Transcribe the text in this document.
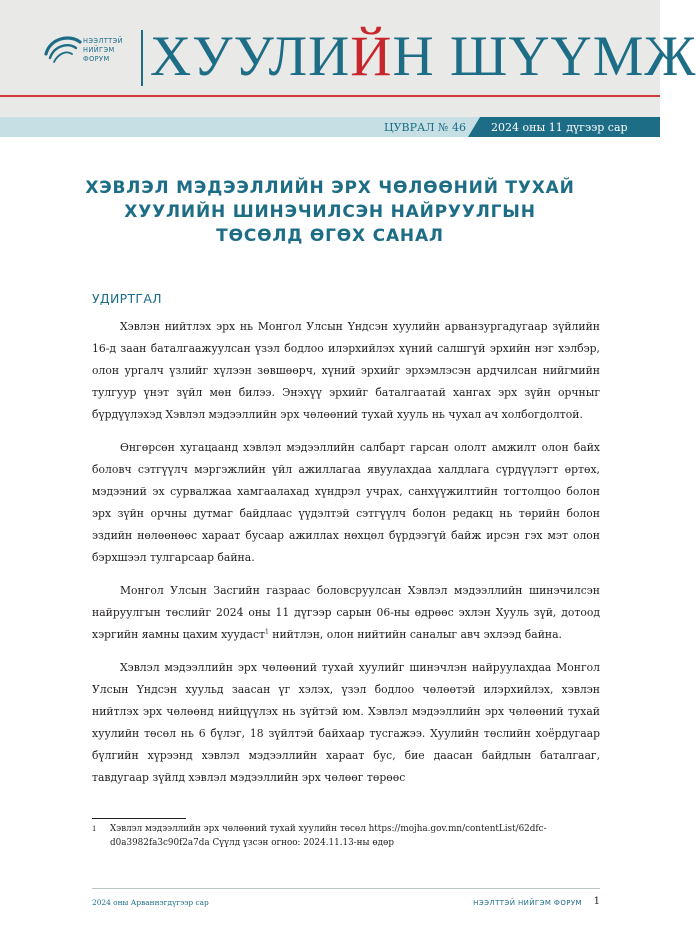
НЭЭЛТТЭЙ
НИЙГЭМ
ФОРУМ ХУУЛИЙН ШҮҮМЖ
ЦУВРАЛ № 46 2024 оны 11 дүгээр сар
ХЭВЛЭЛ МЭДЭЭЛЛИЙН ЭРХ ЧӨЛӨӨНИЙ ТУХАЙ
ХУУЛИЙН ШИНЭЧИЛСЭН НАЙРУУЛГЫН
ТӨСӨЛД ӨГӨХ САНАЛ
УДИРТГАЛ

Хэвлэн нийтлэх эрх нь Монгол Улсын Үндсэн хуулийн арванзургадугаар зүйлийн 16-д заан баталгаажуулсан үзэл бодлоо илэрхийлэх хүний салшгүй эрхийн нэг хэлбэр, олон ургалч үзлийг хүлээн зөвшөөрч, хүний эрхийг эрхэмлэсэн ардчилсан нийгмийн тулгуур үнэт зүйл мөн билээ. Энэхүү эрхийг баталгаатай хангах эрх зүйн орчныг бүрдүүлэхэд Хэвлэл мэдээллийн эрх чөлөөний тухай хууль нь чухал ач холбогдолтой.

Өнгөрсөн хугацаанд хэвлэл мэдээллийн салбарт гарсан ололт амжилт олон байх боловч сэтгүүлч мэргэжлийн үйл ажиллагаа явуулахдаа халдлага сүрдүүлэгт өртөх, мэдээний эх сурвалжаа хамгаалахад хүндрэл учрах, санхүүжилтийн тогтолцоо болон эрх зүйн орчны дутмаг байдлаас үүдэлтэй сэтгүүлч болон редакц нь төрийн болон эздийн нөлөөнөөс хараат бусаар ажиллах нөхцөл бүрдээгүй байж ирсэн гэх мэт олон бэрхшээл тулгарсаар байна.

Монгол Улсын Засгийн газраас боловсруулсан Хэвлэл мэдээллийн шинэчилсэн найруулгын төслийг 2024 оны 11 дүгээр сарын 06-ны өдрөөс эхлэн Хууль зүй, дотоод хэргийн яамны цахим хуудаст$^1$ нийтлэн, олон нийтийн саналыг авч эхлээд байна.

Хэвлэл мэдээллийн эрх чөлөөний тухай хуулийг шинэчлэн найруулахдаа Монгол Улсын Үндсэн хуульд заасан үг хэлэх, үзэл бодлоо чөлөөтэй илэрхийлэх, хэвлэн нийтлэх эрх чөлөөнд нийцүүлэх нь зүйтэй юм. Хэвлэл мэдээллийн эрх чөлөөний тухай хуулийн төсөл нь 6 бүлэг, 18 зүйлтэй байхаар тусгажээ. Хуулийн төслийн хоёрдугаар бүлгийн хүрээнд хэвлэл мэдээллийн хараат бус, бие даасан байдлын баталгааг, тавдугаар зүйлд хэвлэл мэдээллийн эрх чөлөөг төрөөс

1	Хэвлэл мэдээллийн эрх чөлөөний тухай хуулийн төсөл https://mojha.gov.mn/contentList/62dfc-d0a3982fa3c90f2a7da Сүүлд үзсэн огноо: 2024.11.13-ны өдөр
2024 оны Арваннэгдүгээр сар	НЭЭЛТТЭЙ НИЙГЭМ ФОРУМ	1
